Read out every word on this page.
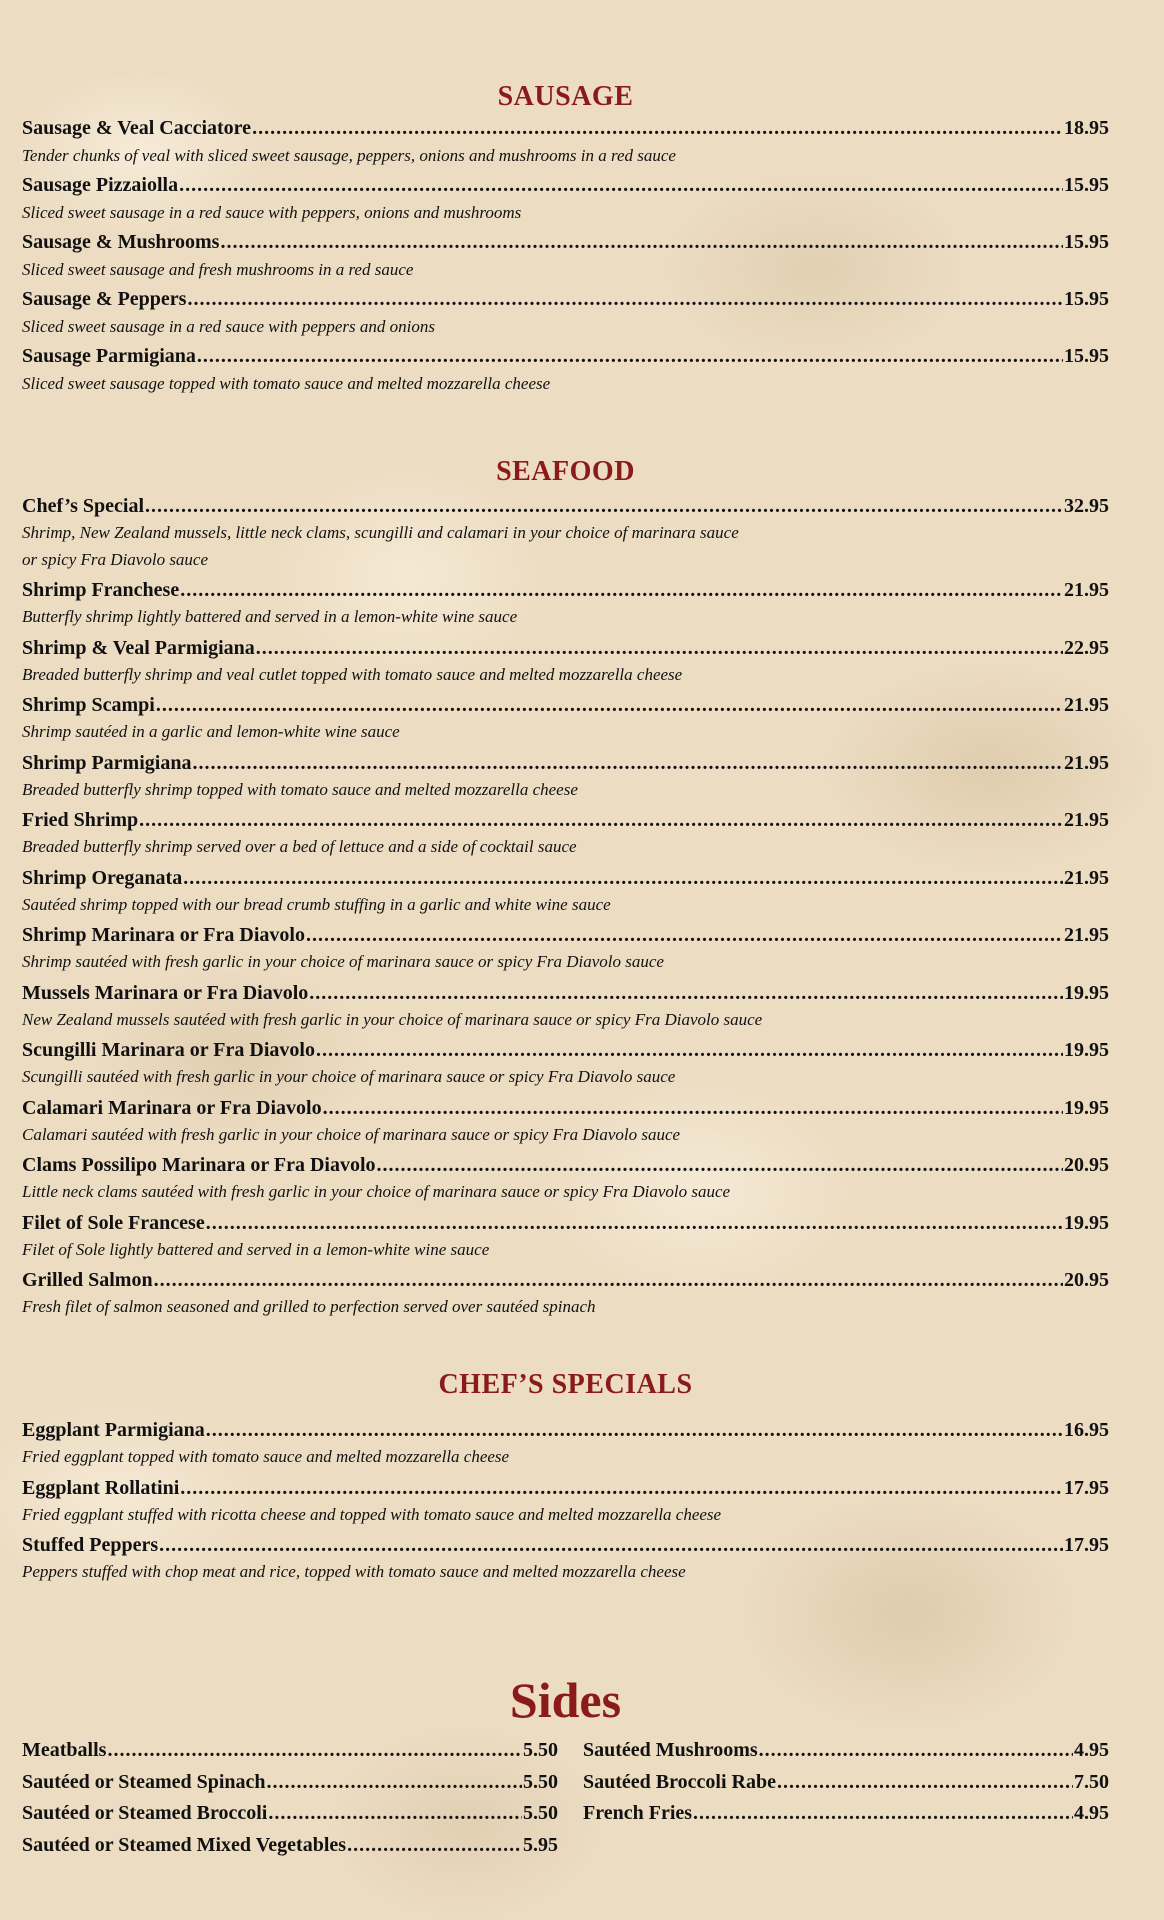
SAUSAGE
Sausage & Veal Cacciatore .....	18.95
Tender chunks of veal with sliced sweet sausage, peppers, onions and mushrooms in a red sauce
Sausage Pizzaiolla .....	15.95
Sliced sweet sausage in a red sauce with peppers, onions and mushrooms
Sausage & Mushrooms .....	15.95
Sliced sweet sausage and fresh mushrooms in a red sauce
Sausage & Peppers .....	15.95
Sliced sweet sausage in a red sauce with peppers and onions
Sausage Parmigiana .....	15.95
Sliced sweet sausage topped with tomato sauce and melted mozzarella cheese
SEAFOOD
Chef’s Special .....	32.95
Shrimp, New Zealand mussels, little neck clams, scungilli and calamari in your choice of marinara sauce
or spicy Fra Diavolo sauce
Shrimp Franchese .....	21.95
Butterfly shrimp lightly battered and served in a lemon-white wine sauce
Shrimp & Veal Parmigiana .....	22.95
Breaded butterfly shrimp and veal cutlet topped with tomato sauce and melted mozzarella cheese
Shrimp Scampi .....	21.95
Shrimp sautéed in a garlic and lemon-white wine sauce
Shrimp Parmigiana .....	21.95
Breaded butterfly shrimp topped with tomato sauce and melted mozzarella cheese
Fried Shrimp .....	21.95
Breaded butterfly shrimp served over a bed of lettuce and a side of cocktail sauce
Shrimp Oreganata .....	21.95
Sautéed shrimp topped with our bread crumb stuffing in a garlic and white wine sauce
Shrimp Marinara or Fra Diavolo .....	21.95
Shrimp sautéed with fresh garlic in your choice of marinara sauce or spicy Fra Diavolo sauce
Mussels Marinara or Fra Diavolo .....	19.95
New Zealand mussels sautéed with fresh garlic in your choice of marinara sauce or spicy Fra Diavolo sauce
Scungilli Marinara or Fra Diavolo .....	19.95
Scungilli sautéed with fresh garlic in your choice of marinara sauce or spicy Fra Diavolo sauce
Calamari Marinara or Fra Diavolo .....	19.95
Calamari sautéed with fresh garlic in your choice of marinara sauce or spicy Fra Diavolo sauce
Clams Possilipo Marinara or Fra Diavolo .....	20.95
Little neck clams sautéed with fresh garlic in your choice of marinara sauce or spicy Fra Diavolo sauce
Filet of Sole Francese .....	19.95
Filet of Sole lightly battered and served in a lemon-white wine sauce
Grilled Salmon .....	20.95
Fresh filet of salmon seasoned and grilled to perfection served over sautéed spinach
CHEF’S SPECIALS
Eggplant Parmigiana .....	16.95
Fried eggplant topped with tomato sauce and melted mozzarella cheese
Eggplant Rollatini .....	17.95
Fried eggplant stuffed with ricotta cheese and topped with tomato sauce and melted mozzarella cheese
Stuffed Peppers .....	17.95
Peppers stuffed with chop meat and rice, topped with tomato sauce and melted mozzarella cheese
Sides
Meatballs .....	5.50
Sautéed or Steamed Spinach .....	5.50
Sautéed or Steamed Broccoli .....	5.50
Sautéed or Steamed Mixed Vegetables .....	5.95
Sautéed Mushrooms .....	4.95
Sautéed Broccoli Rabe .....	7.50
French Fries .....	4.95
